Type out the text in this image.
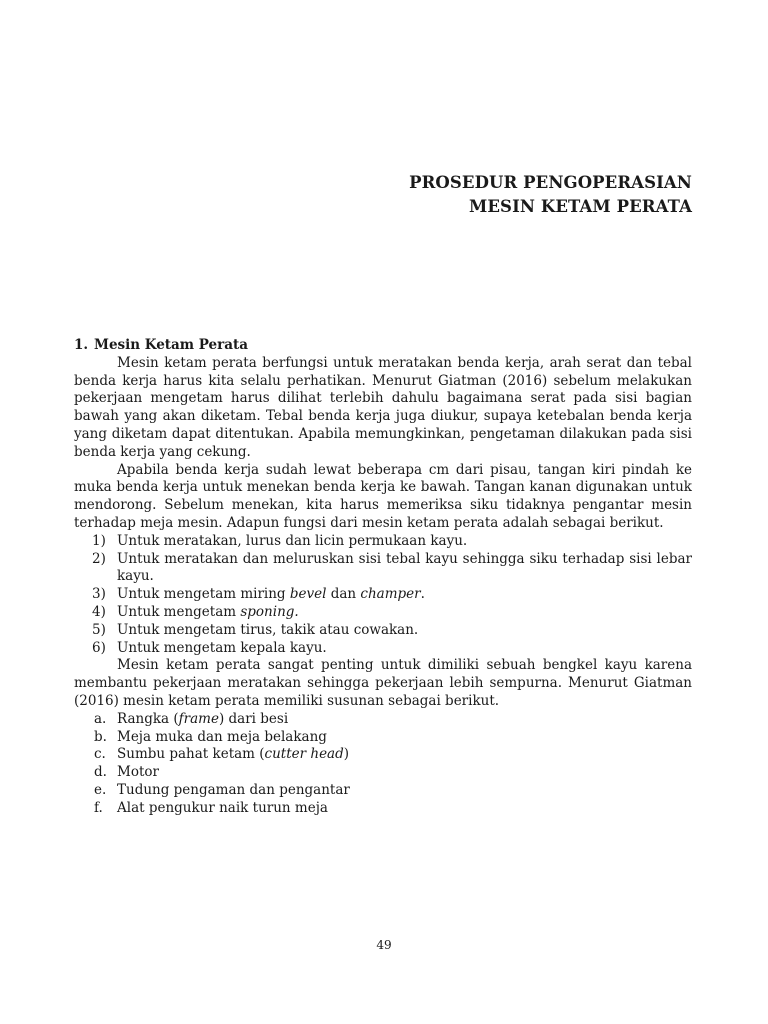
PROSEDUR PENGOPERASIAN
MESIN KETAM PERATA
1. Mesin Ketam Perata

Mesin ketam perata berfungsi untuk meratakan benda kerja, arah serat dan tebal benda kerja harus kita selalu perhatikan. Menurut Giatman (2016) sebelum melakukan pekerjaan mengetam harus dilihat terlebih dahulu bagaimana serat pada sisi bagian bawah yang akan diketam. Tebal benda kerja juga diukur, supaya ketebalan benda kerja yang diketam dapat ditentukan. Apabila memungkinkan, pengetaman dilakukan pada sisi benda kerja yang cekung.

Apabila benda kerja sudah lewat beberapa cm dari pisau, tangan kiri pindah ke muka benda kerja untuk menekan benda kerja ke bawah. Tangan kanan digunakan untuk mendorong. Sebelum menekan, kita harus memeriksa siku tidaknya pengantar mesin terhadap meja mesin. Adapun fungsi dari mesin ketam perata adalah sebagai berikut.

1) Untuk meratakan, lurus dan licin permukaan kayu.
2) Untuk meratakan dan meluruskan sisi tebal kayu sehingga siku terhadap sisi lebar kayu.
3) Untuk mengetam miring bevel dan champer.
4) Untuk mengetam sponing.
5) Untuk mengetam tirus, takik atau cowakan.
6) Untuk mengetam kepala kayu.

Mesin ketam perata sangat penting untuk dimiliki sebuah bengkel kayu karena membantu pekerjaan meratakan sehingga pekerjaan lebih sempurna. Menurut Giatman (2016) mesin ketam perata memiliki susunan sebagai berikut.

a. Rangka (frame) dari besi
b. Meja muka dan meja belakang
c. Sumbu pahat ketam (cutter head)
d. Motor
e. Tudung pengaman dan pengantar
f. Alat pengukur naik turun meja
49
